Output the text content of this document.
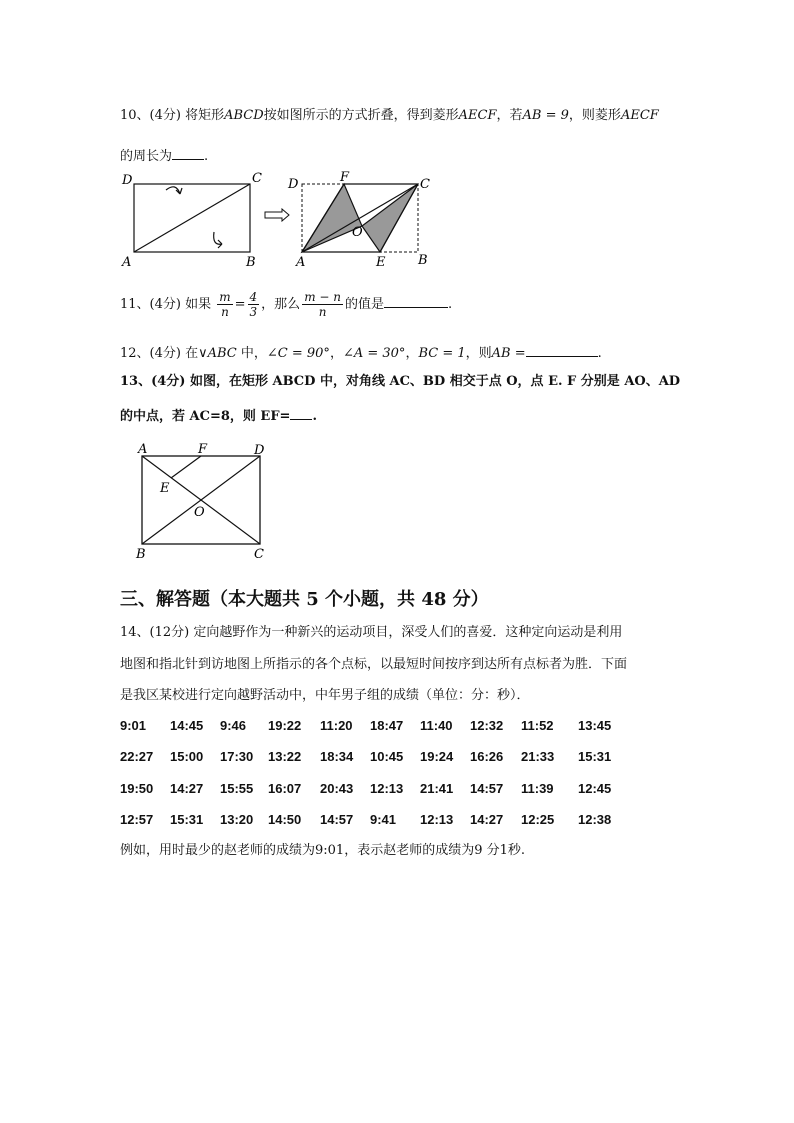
10、(4分) 将矩形ABCD按如图所示的方式折叠，得到菱形AECF，若AB = 9，则菱形AECF
的周长为 .
D	C
A	B
D	F	C
O
A	E	B
11、(4分) 如果 $\frac{m}{n} = \frac{4}{3}$ ，那么 $\frac{m - n}{n}$ 的值是	.
12、(4分) 在∨ABC 中，∠C = 90°，∠A = 30°，BC = 1，则AB =	.
13、(4分) 如图，在矩形 ABCD 中，对角线 AC、BD 相交于点 O，点 E. F 分别是 AO、AD
的中点，若 AC=8，则 EF= .
A	F	D
E
O
B	C
三、解答题（本大题共 5 个小题，共 48 分）
14、(12分) 定向越野作为一种新兴的运动项目，深受人们的喜爱．这种定向运动是利用
地图和指北针到访地图上所指示的各个点标，以最短时间按序到达所有点标者为胜．下面
是我区某校进行定向越野活动中，中年男子组的成绩（单位：分：秒）．
9:01 14:45 9:46 19:22 11:20 18:47 11:40 12:32 11:52 13:45
22:27 15:00 17:30 13:22 18:34 10:45 19:24 16:26 21:33 15:31
19:50 14:27 15:55 16:07 20:43 12:13 21:41 14:57 11:39 12:45
12:57 15:31 13:20 14:50 14:57 9:41 12:13 14:27 12:25 12:38
例如，用时最少的赵老师的成绩为9:01，表示赵老师的成绩为9 分1秒.
